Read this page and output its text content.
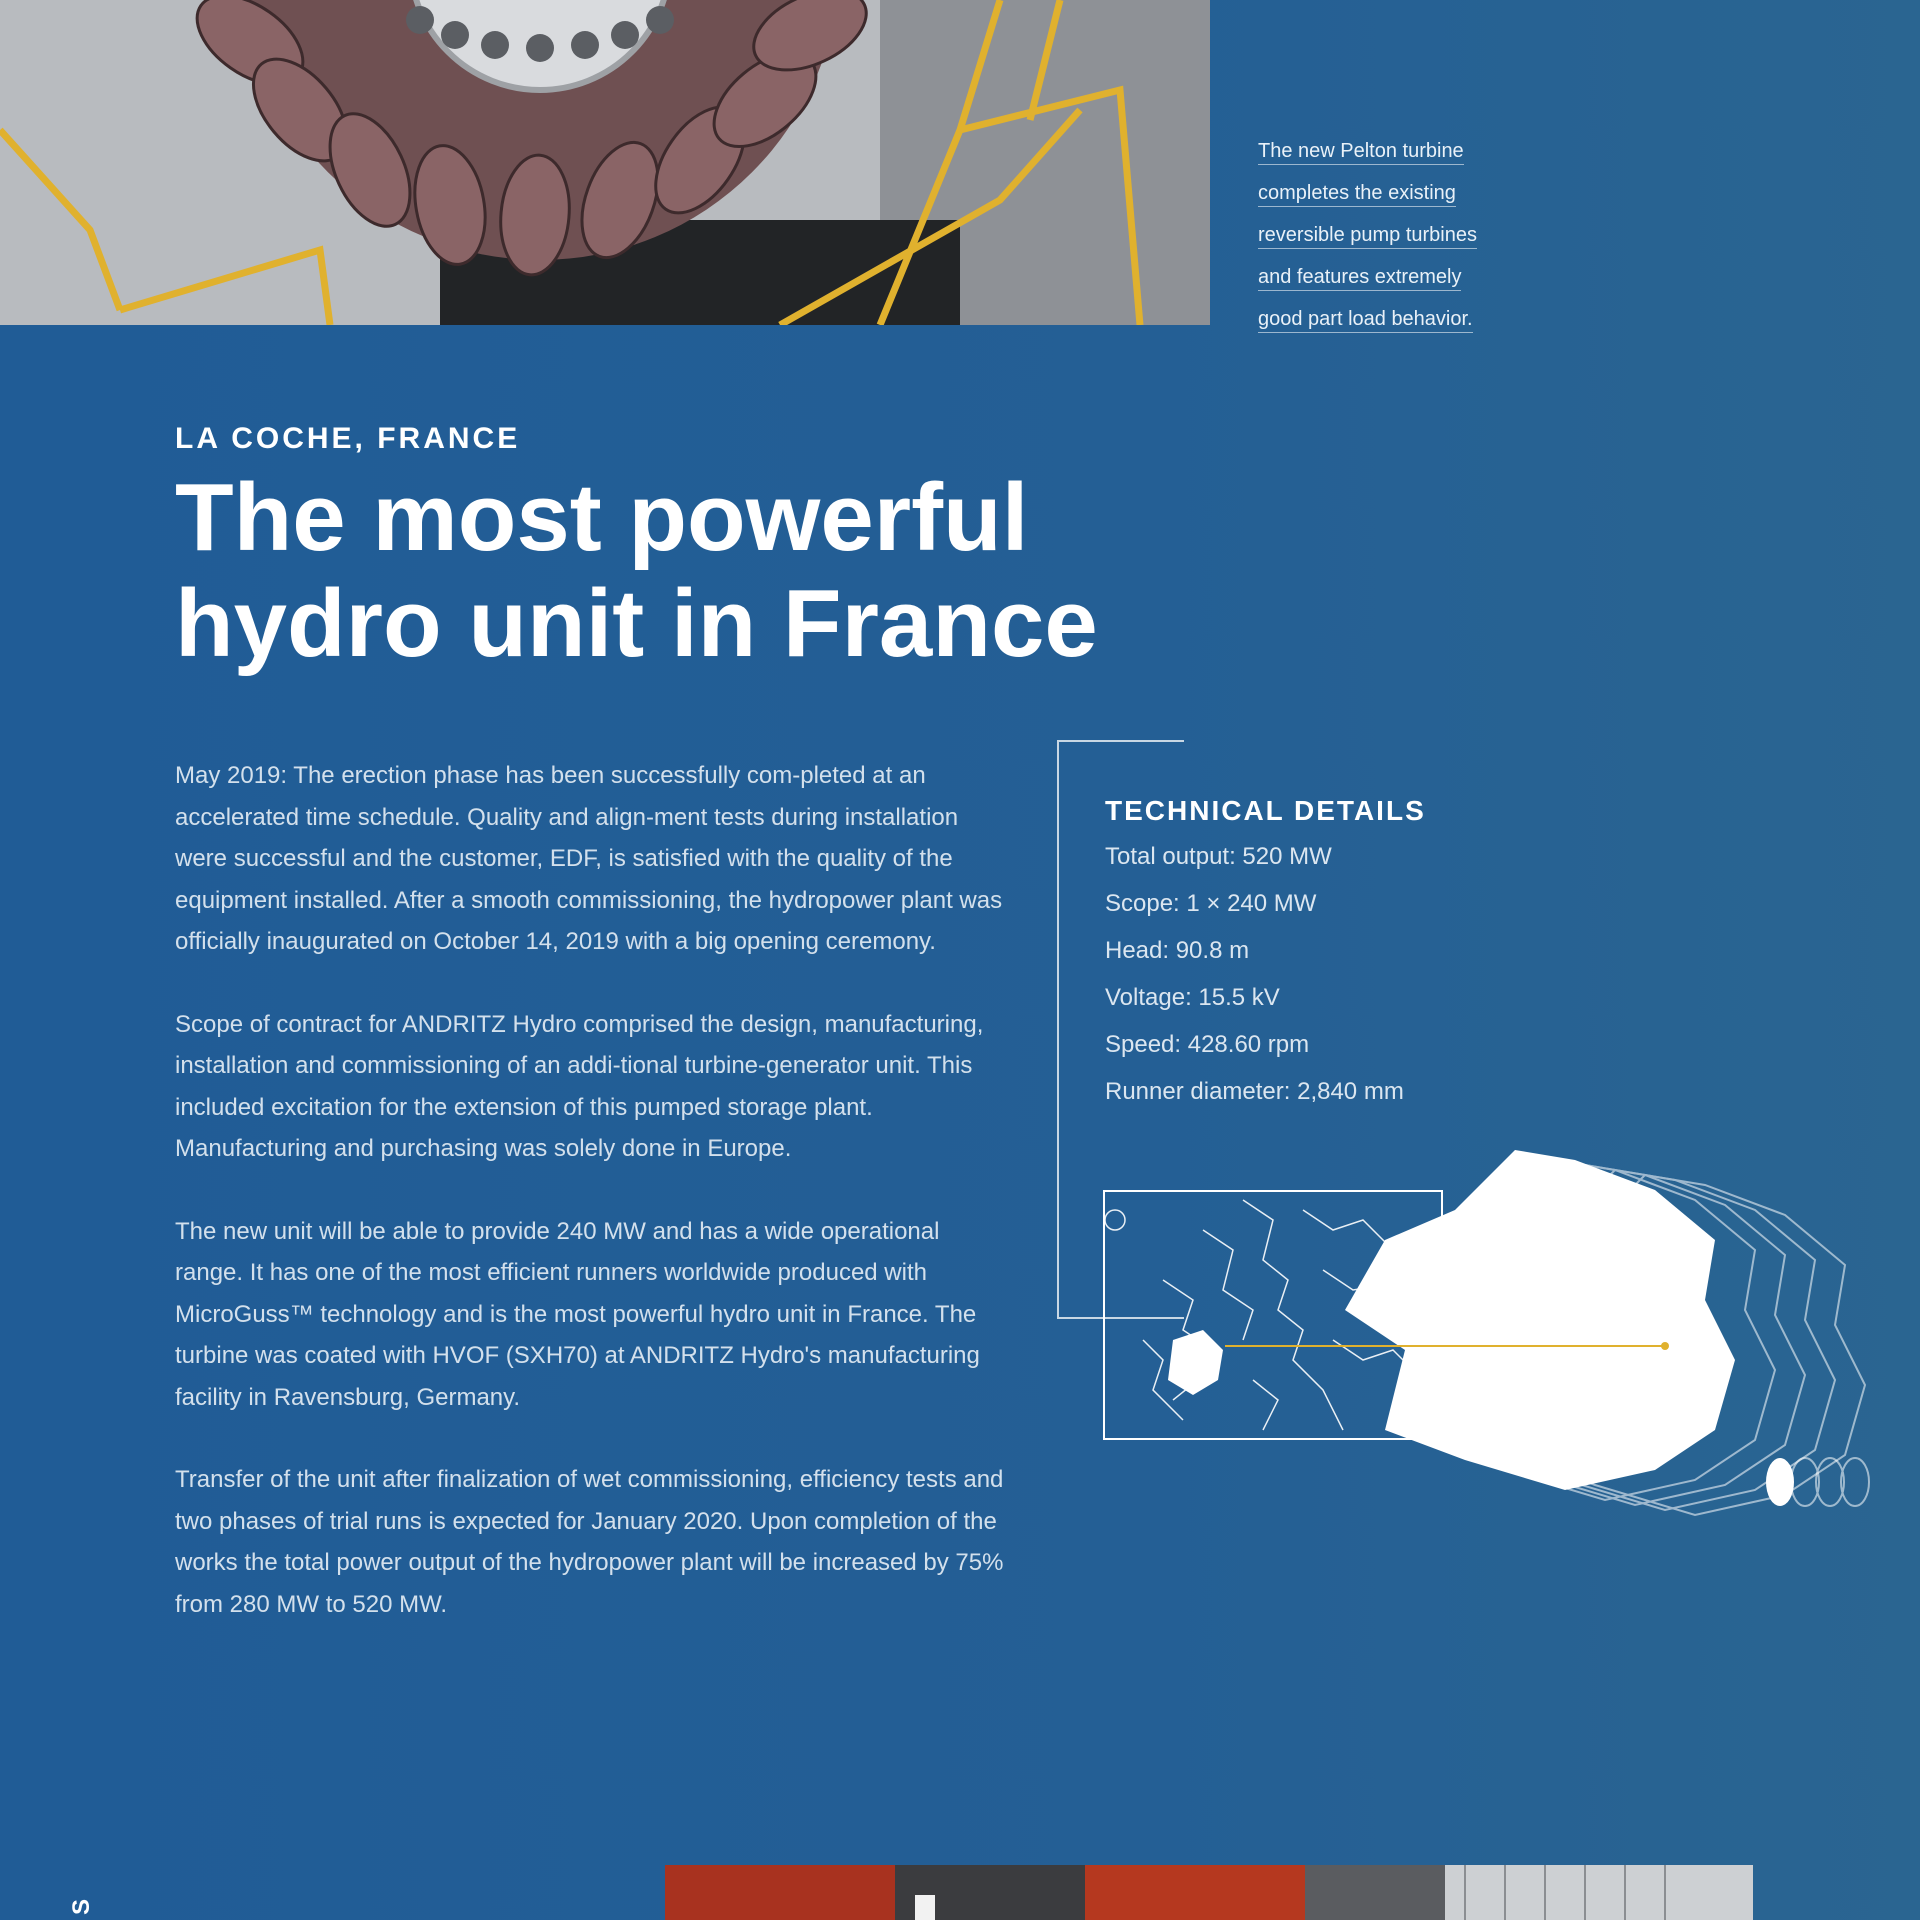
The new Pelton turbine
completes the existing
reversible pump turbines
and features extremely
good part load behavior.
LA COCHE, FRANCE
The most powerful
hydro unit in France

May 2019: The erection phase has been successfully com-pleted at an accelerated time schedule. Quality and align-ment tests during installation were successful and the customer, EDF, is satisfied with the quality of the equipment installed. After a smooth commissioning, the hydropower plant was officially inaugurated on October 14, 2019 with a big opening ceremony.

Scope of contract for ANDRITZ Hydro comprised the design, manufacturing, installation and commissioning of an addi-tional turbine-generator unit. This included excitation for the extension of this pumped storage plant. Manufacturing and purchasing was solely done in Europe.

The new unit will be able to provide 240 MW and has a wide operational range. It has one of the most efficient runners worldwide produced with MicroGuss™ technology and is the most powerful hydro unit in France. The turbine was coated with HVOF (SXH70) at ANDRITZ Hydro's manufacturing facility in Ravensburg, Germany.

Transfer of the unit after finalization of wet commissioning, efficiency tests and two phases of trial runs is expected for January 2020. Upon completion of the works the total power output of the hydropower plant will be increased by 75% from 280 MW to 520 MW.

TECHNICAL DETAILS
Total output: 520 MW
Scope: 1 × 240 MW
Head: 90.8 m
Voltage: 15.5 kV
Speed: 428.60 rpm
Runner diameter: 2,840 mm
S
